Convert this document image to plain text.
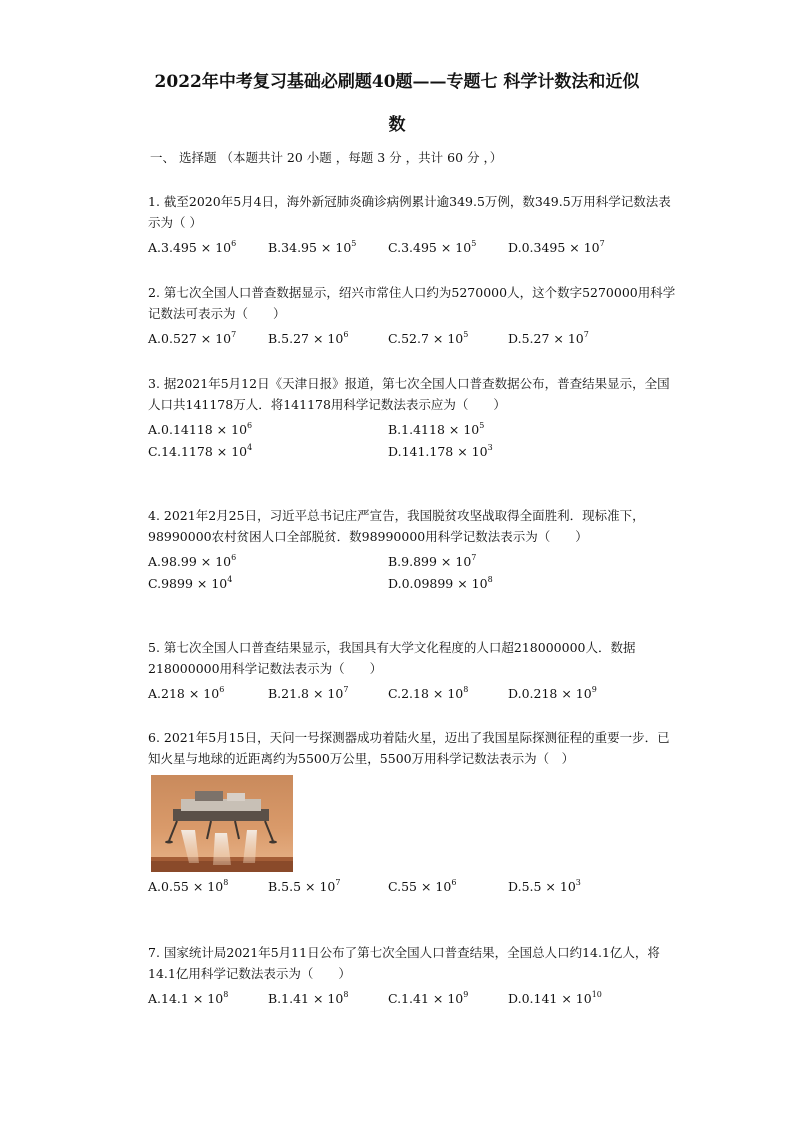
2022年中考复习基础必刷题40题——专题七 科学计数法和近似
数
一、 选择题 （本题共计 20 小题 ，每题 3 分 ，共计 60 分 ，）
1. 截至2020年5月4日，海外新冠肺炎确诊病例累计逾349.5万例，数349.5万用科学记数法表示为（ ）
$A.3.495 \times 10^6$	$B.34.95 \times 10^5$	$C.3.495 \times 10^5$	$D.0.3495 \times 10^7$
2. 第七次全国人口普查数据显示，绍兴市常住人口约为5270000人，这个数字5270000用科学记数法可表示为（　　）
$A.0.527 \times 10^7$	$B.5.27 \times 10^6$	$C.52.7 \times 10^5$	$D.5.27 \times 10^7$
3. 据2021年5月12日《天津日报》报道，第七次全国人口普查数据公布，普查结果显示，全国人口共141178万人．将141178用科学记数法表示应为（　　）
$A.0.14118 \times 10^6$	$B.1.4118 \times 10^5$
$C.14.1178 \times 10^4$	$D.141.178 \times 10^3$
4. 2021年2月25日，习近平总书记庄严宣告，我国脱贫攻坚战取得全面胜利．现标准下，98990000农村贫困人口全部脱贫．数98990000用科学记数法表示为（　　）
$A.98.99 \times 10^6$	$B.9.899 \times 10^7$
$C.9899 \times 10^4$	$D.0.09899 \times 10^8$
5. 第七次全国人口普查结果显示，我国具有大学文化程度的人口超218000000人．数据218000000用科学记数法表示为（　　）
$A.218 \times 10^6$	$B.21.8 \times 10^7$	$C.2.18 \times 10^8$	$D.0.218 \times 10^9$
6. 2021年5月15日，天问一号探测器成功着陆火星，迈出了我国星际探测征程的重要一步．已知火星与地球的近距离约为5500万公里，5500万用科学记数法表示为（　）
$A.0.55 \times 10^8$	$B.5.5 \times 10^7$	$C.55 \times 10^6$	$D.5.5 \times 10^3$
7. 国家统计局2021年5月11日公布了第七次全国人口普查结果，全国总人口约14.1亿人，将14.1亿用科学记数法表示为（　　）
$A.14.1 \times 10^8$	$B.1.41 \times 10^8$	$C.1.41 \times 10^9$	$D.0.141 \times 10^{10}$
